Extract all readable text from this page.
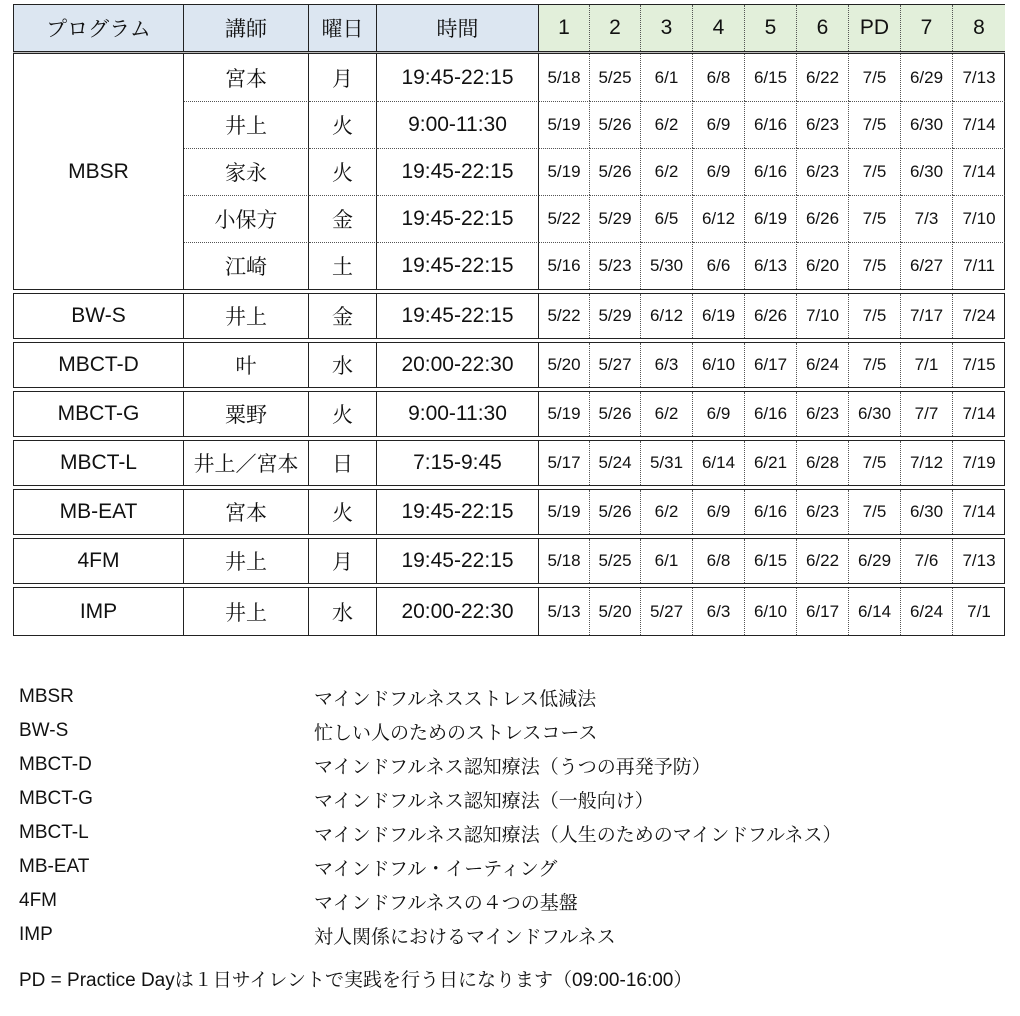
プログラム	講師	曜日	時間	1	2	3	4	5	6	PD	7	8
MBSR
宮本	月	19:45-22:15	5/18	5/25	6/1	6/8	6/15	6/22	7/5	6/29	7/13
井上	火	9:00-11:30	5/19	5/26	6/2	6/9	6/16	6/23	7/5	6/30	7/14
家永	火	19:45-22:15	5/19	5/26	6/2	6/9	6/16	6/23	7/5	6/30	7/14
小保方	金	19:45-22:15	5/22	5/29	6/5	6/12	6/19	6/26	7/5	7/3	7/10
江崎	土	19:45-22:15	5/16	5/23	5/30	6/6	6/13	6/20	7/5	6/27	7/11
BW-S	井上	金	19:45-22:15	5/22	5/29	6/12	6/19	6/26	7/10	7/5	7/17	7/24
MBCT-D	叶	水	20:00-22:30	5/20	5/27	6/3	6/10	6/17	6/24	7/5	7/1	7/15
MBCT-G	粟野	火	9:00-11:30	5/19	5/26	6/2	6/9	6/16	6/23	6/30	7/7	7/14
MBCT-L	井上／宮本	日	7:15-9:45	5/17	5/24	5/31	6/14	6/21	6/28	7/5	7/12	7/19
MB-EAT	宮本	火	19:45-22:15	5/19	5/26	6/2	6/9	6/16	6/23	7/5	6/30	7/14
4FM	井上	月	19:45-22:15	5/18	5/25	6/1	6/8	6/15	6/22	6/29	7/6	7/13
IMP	井上	水	20:00-22:30	5/13	5/20	5/27	6/3	6/10	6/17	6/14	6/24	7/1
MBSR	マインドフルネスストレス低減法
BW-S	忙しい人のためのストレスコース
MBCT-D	マインドフルネス認知療法（うつの再発予防）
MBCT-G	マインドフルネス認知療法（一般向け）
MBCT-L	マインドフルネス認知療法（人生のためのマインドフルネス）
MB-EAT	マインドフル・イーティング
4FM	マインドフルネスの４つの基盤
IMP	対人関係におけるマインドフルネス
PD = Practice Dayは１日サイレントで実践を行う日になります（09:00-16:00）
